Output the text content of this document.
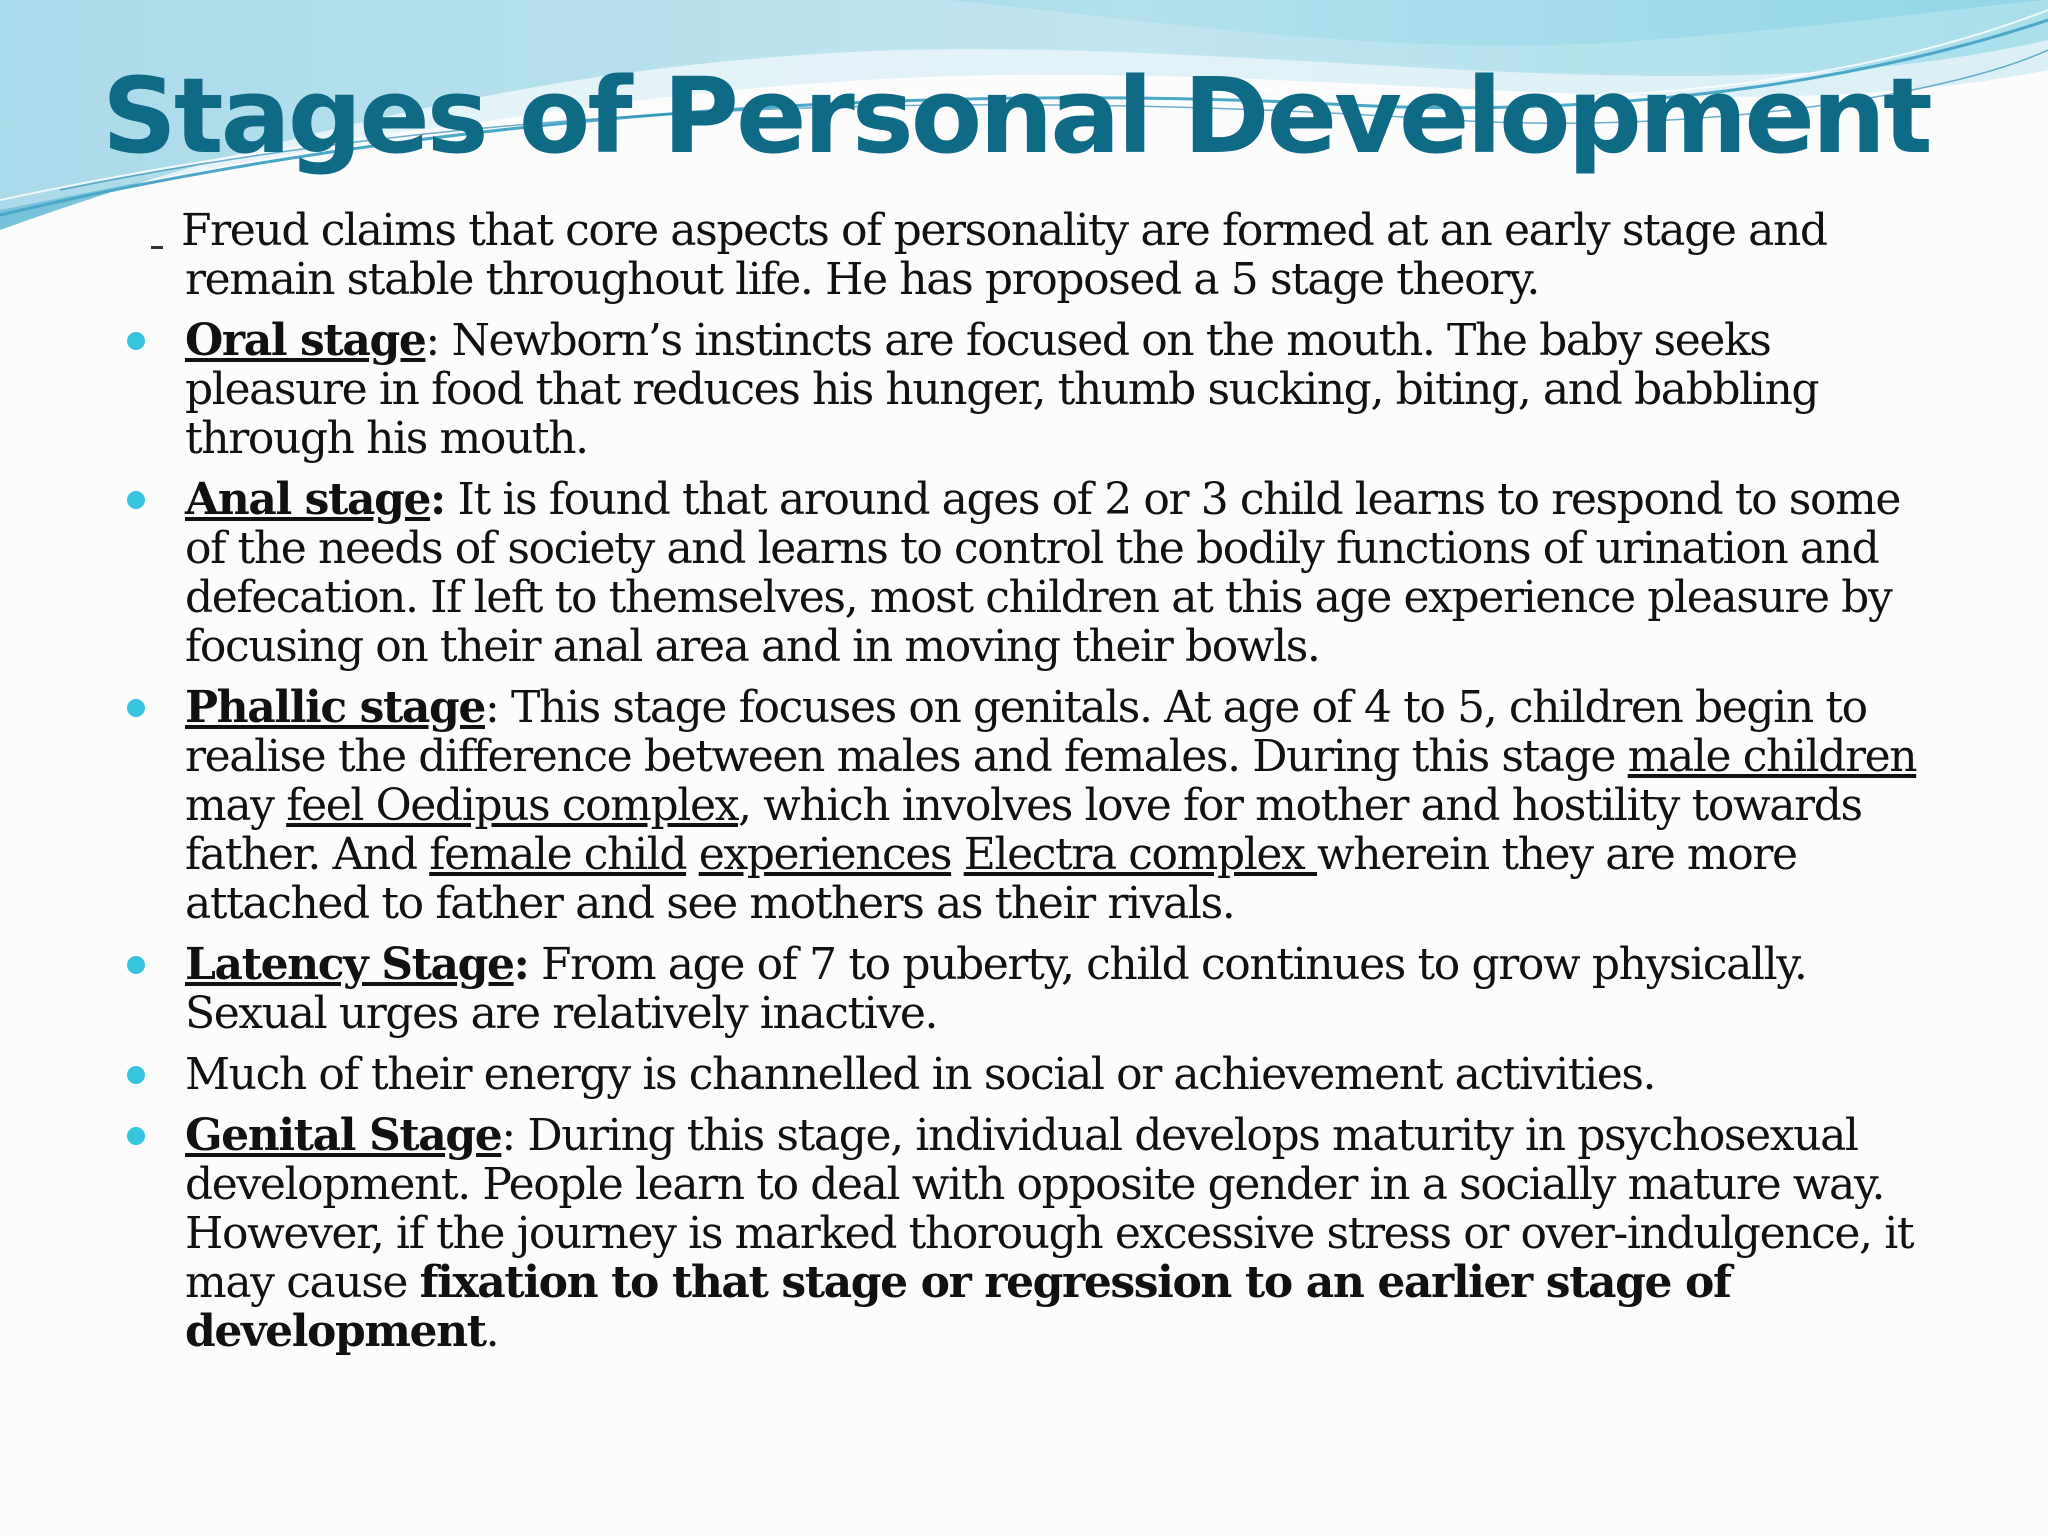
Stages of Personal Development
Freud claims that core aspects of personality are formed at an early stage and remain stable throughout life. He has proposed a 5 stage theory.
Oral stage: Newborn’s instincts are focused on the mouth. The baby seeks pleasure in food that reduces his hunger, thumb sucking, biting, and babbling through his mouth.
Anal stage: It is found that around ages of 2 or 3 child learns to respond to some of the needs of society and learns to control the bodily functions of urination and defecation. If left to themselves, most children at this age experience pleasure by focusing on their anal area and in moving their bowls.
Phallic stage: This stage focuses on genitals. At age of 4 to 5, children begin to realise the difference between males and females. During this stage male children may feel Oedipus complex, which involves love for mother and hostility towards father. And female child experiences Electra complex wherein they are more attached to father and see mothers as their rivals.
Latency Stage: From age of 7 to puberty, child continues to grow physically. Sexual urges are relatively inactive.
Much of their energy is channelled in social or achievement activities.
Genital Stage: During this stage, individual develops maturity in psychosexual development. People learn to deal with opposite gender in a socially mature way. However, if the journey is marked thorough excessive stress or over-indulgence, it may cause fixation to that stage or regression to an earlier stage of development.
